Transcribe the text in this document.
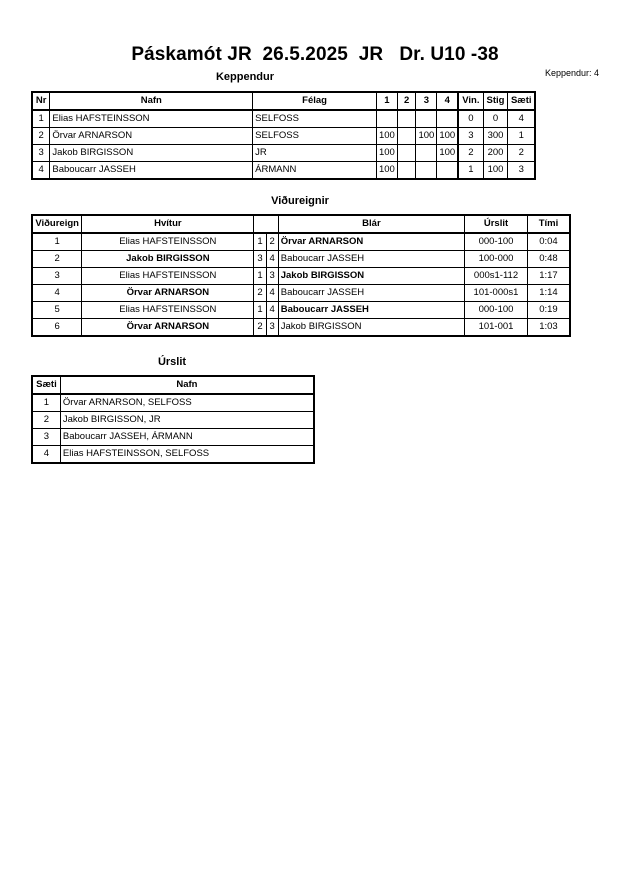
Páskamót JR  26.5.2025  JR   Dr. U10 -38
Keppendur: 4
Keppendur
Nr	Nafn	Félag	1	2	3	4	Vin.	Stig	Sæti
1	Elias HAFSTEINSSON	SELFOSS					0	0	4
2	Örvar ARNARSON	SELFOSS	100		100	100	3	300	1
3	Jakob BIRGISSON	JR	100			100	2	200	2
4	Baboucarr JASSEH	ÁRMANN	100				1	100	3
Viðureignir
Viðureign	Hvítur			Blár	Úrslit	Tími
1	Elias HAFSTEINSSON	1	2	Örvar ARNARSON	000-100	0:04
2	Jakob BIRGISSON	3	4	Baboucarr JASSEH	100-000	0:48
3	Elias HAFSTEINSSON	1	3	Jakob BIRGISSON	000s1-112	1:17
4	Örvar ARNARSON	2	4	Baboucarr JASSEH	101-000s1	1:14
5	Elias HAFSTEINSSON	1	4	Baboucarr JASSEH	000-100	0:19
6	Örvar ARNARSON	2	3	Jakob BIRGISSON	101-001	1:03
Úrslit
Sæti	Nafn
1	Örvar ARNARSON, SELFOSS
2	Jakob BIRGISSON, JR
3	Baboucarr JASSEH, ÁRMANN
4	Elias HAFSTEINSSON, SELFOSS
